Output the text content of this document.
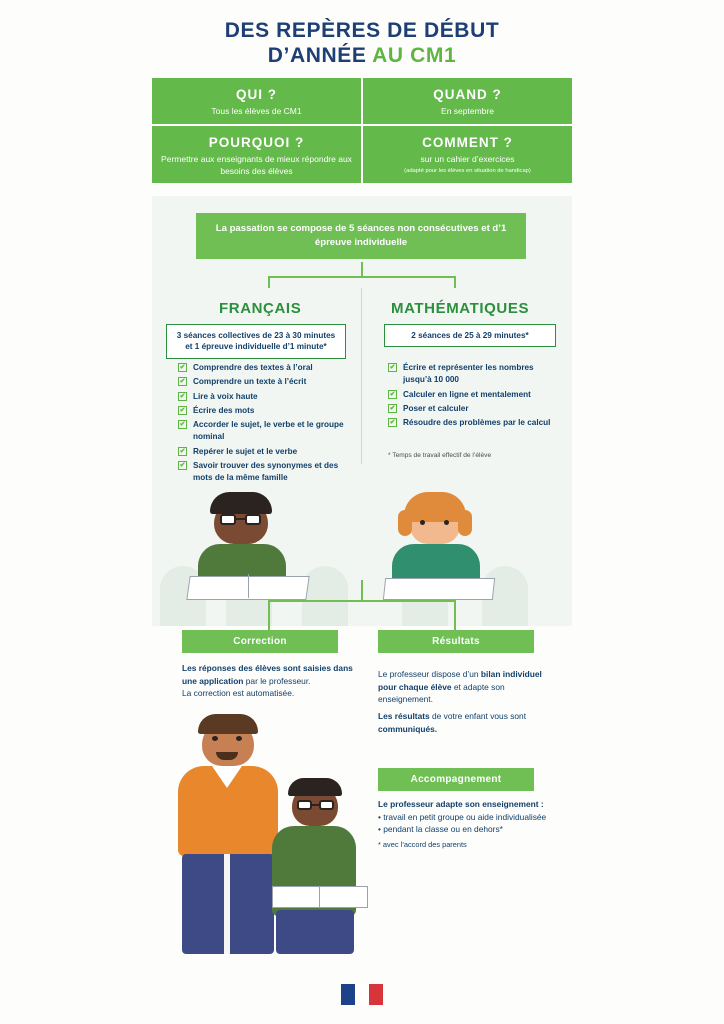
DES REPÈRES DE DÉBUT
D’ANNÉE AU CM1
QUI ?
Tous les élèves de CM1
QUAND ?
En septembre
POURQUOI ?
Permettre aux enseignants de mieux répondre aux besoins des élèves
COMMENT ?
sur un cahier d’exercices
(adapté pour les élèves en situation de handicap)
La passation se compose de 5 séances non consécutives et d’1 épreuve individuelle
FRANÇAIS
3 séances collectives de 23 à 30 minutes et 1 épreuve individuelle d’1 minute*
✔ Comprendre des textes à l’oral
✔ Comprendre un texte à l’écrit
✔ Lire à voix haute
✔ Écrire des mots
✔ Accorder le sujet, le verbe et le groupe nominal
✔ Repérer le sujet et le verbe
✔ Savoir trouver des synonymes et des mots de la même famille
MATHÉMATIQUES
2 séances de 25 à 29 minutes*
✔ Écrire et représenter les nombres jusqu’à 10 000
✔ Calculer en ligne et mentalement
✔ Poser et calculer
✔ Résoudre des problèmes par le calcul
* Temps de travail effectif de l’élève
Correction
Les réponses des élèves sont saisies dans une application par le professeur.
La correction est automatisée.
Résultats
Le professeur dispose d’un bilan individuel pour chaque élève et adapte son enseignement.
Les résultats de votre enfant vous sont communiqués.
Accompagnement
Le professeur adapte son enseignement :
• travail en petit groupe ou aide individualisée
• pendant la classe ou en dehors*
* avec l’accord des parents
